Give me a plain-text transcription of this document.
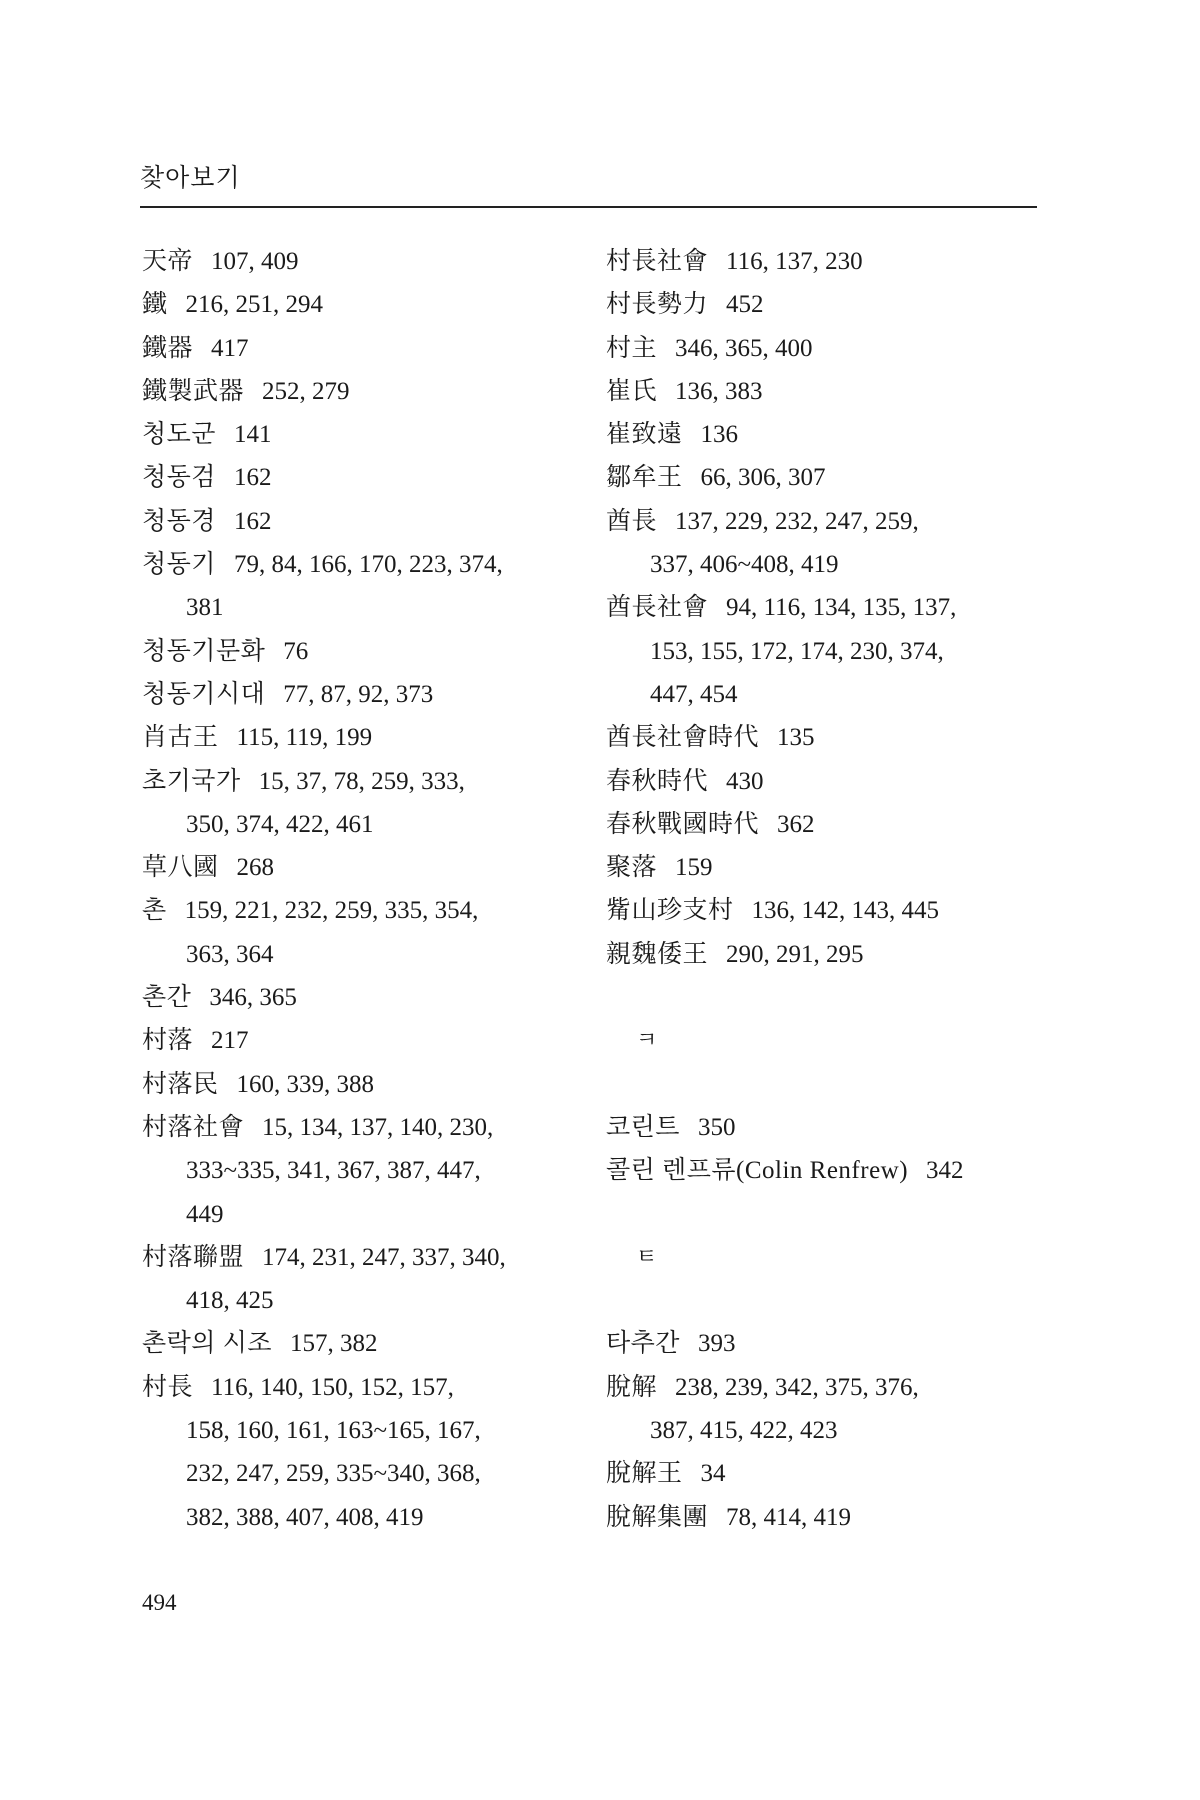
찾아보기
天帝 107, 409
鐵 216, 251, 294
鐵器 417
鐵製武器 252, 279
청도군 141
청동검 162
청동경 162
청동기 79, 84, 166, 170, 223, 374,
381
청동기문화 76
청동기시대 77, 87, 92, 373
肖古王 115, 119, 199
초기국가 15, 37, 78, 259, 333,
350, 374, 422, 461
草八國 268
촌 159, 221, 232, 259, 335, 354,
363, 364
촌간 346, 365
村落 217
村落民 160, 339, 388
村落社會 15, 134, 137, 140, 230,
333~335, 341, 367, 387, 447,
449
村落聯盟 174, 231, 247, 337, 340,
418, 425
촌락의 시조 157, 382
村長 116, 140, 150, 152, 157,
158, 160, 161, 163~165, 167,
232, 247, 259, 335~340, 368,
382, 388, 407, 408, 419
村長社會 116, 137, 230
村長勢力 452
村主 346, 365, 400
崔氏 136, 383
崔致遠 136
鄒牟王 66, 306, 307
酋長 137, 229, 232, 247, 259,
337, 406~408, 419
酋長社會 94, 116, 134, 135, 137,
153, 155, 172, 174, 230, 374,
447, 454
酋長社會時代 135
春秋時代 430
春秋戰國時代 362
聚落 159
觜山珍支村 136, 142, 143, 445
親魏倭王 290, 291, 295
ㅋ
코린트 350
콜린 렌프류(Colin Renfrew) 342
ㅌ
타추간 393
脫解 238, 239, 342, 375, 376,
387, 415, 422, 423
脫解王 34
脫解集團 78, 414, 419
494
